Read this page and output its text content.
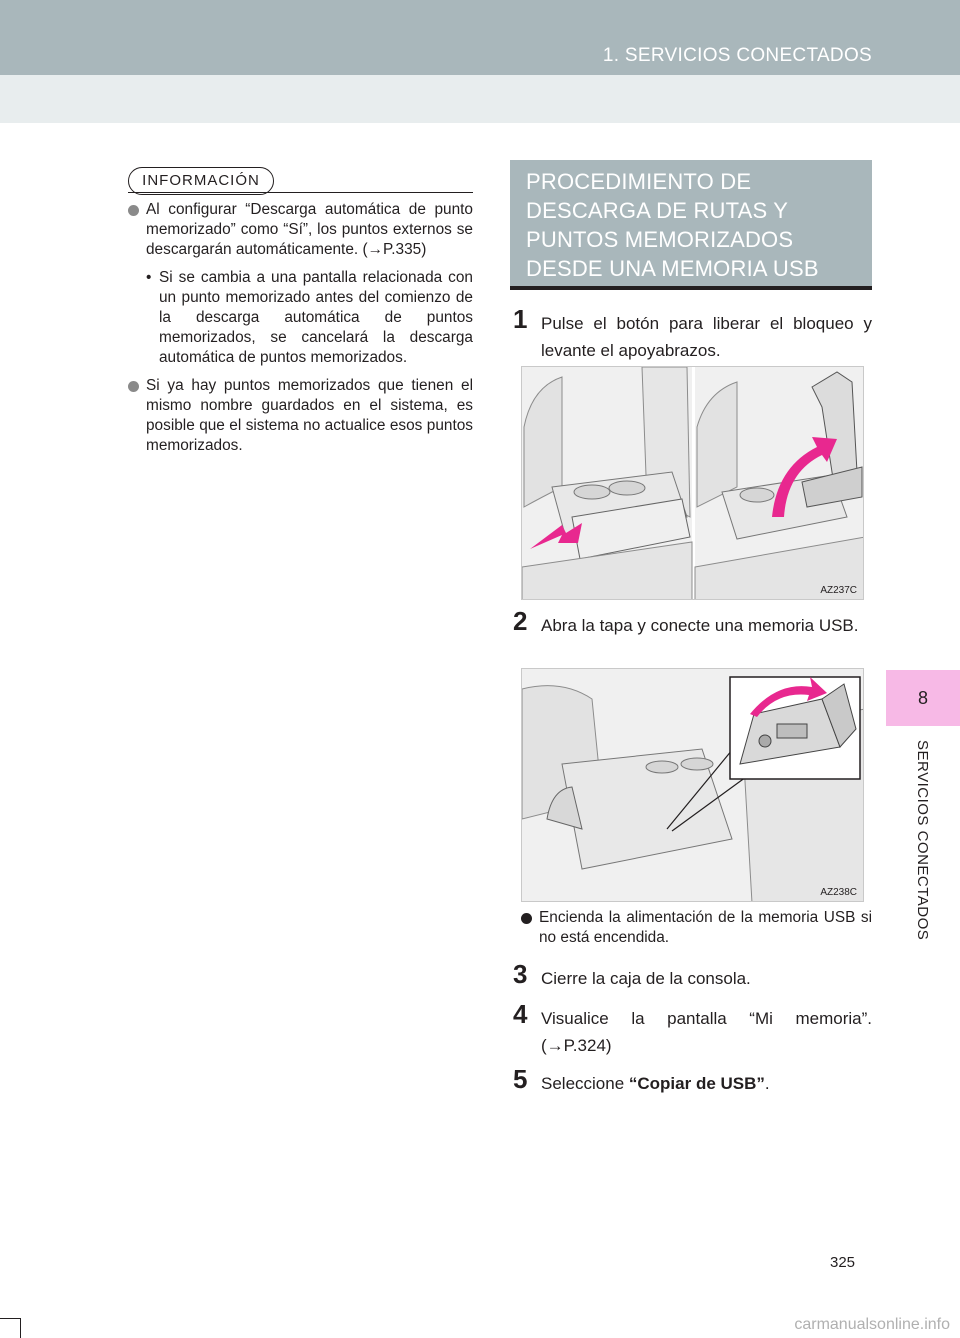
1. SERVICIOS CONECTADOS
8
SERVICIOS CONECTADOS
INFORMACIÓN
Al configurar “Descarga automática de punto memorizado” como “Sí”, los puntos externos se descargarán automáticamente. (→P.335)
• Si se cambia a una pantalla relacionada con un punto memorizado antes del comienzo de la descarga automática de puntos memorizados, se cancelará la descarga automática de puntos memorizados.
Si ya hay puntos memorizados que tienen el mismo nombre guardados en el sistema, es posible que el sistema no actualice esos puntos memorizados.
PROCEDIMIENTO DE DESCARGA DE RUTAS Y PUNTOS MEMORIZADOS DESDE UNA MEMORIA USB
1 Pulse el botón para liberar el bloqueo y levante el apoyabrazos.
AZ237C
2 Abra la tapa y conecte una memoria USB.
AZ238C
Encienda la alimentación de la memoria USB si no está encendida.
3 Cierre la caja de la consola.
4 Visualice la pantalla “Mi memoria”. (→P.324)
5 Seleccione “Copiar de USB”.
325
carmanualsonline.info
